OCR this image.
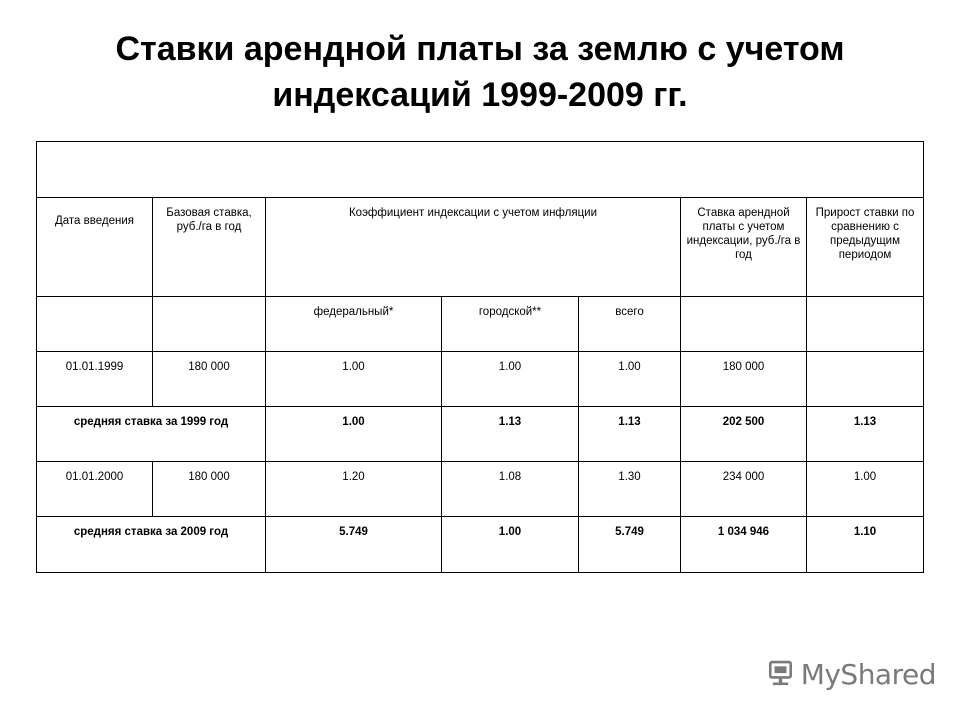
Ставки арендной платы за землю с учетом
индексаций 1999-2009 гг.

Дата введения	Базовая ставка, руб./га в год	Коэффициент индексации с учетом инфляции			Ставка арендной платы с учетом индексации, руб./га в год	Прирост ставки по сравнению с предыдущим периодом
		федеральный*	городской**	всего		
01.01.1999	180 000	1.00	1.00	1.00	180 000	
средняя ставка за 1999 год		1.00	1.13	1.13	202 500	1.13
01.01.2000	180 000	1.20	1.08	1.30	234 000	1.00
средняя ставка за 2009 год		5.749	1.00	5.749	1 034 946	1.10
MyShared
